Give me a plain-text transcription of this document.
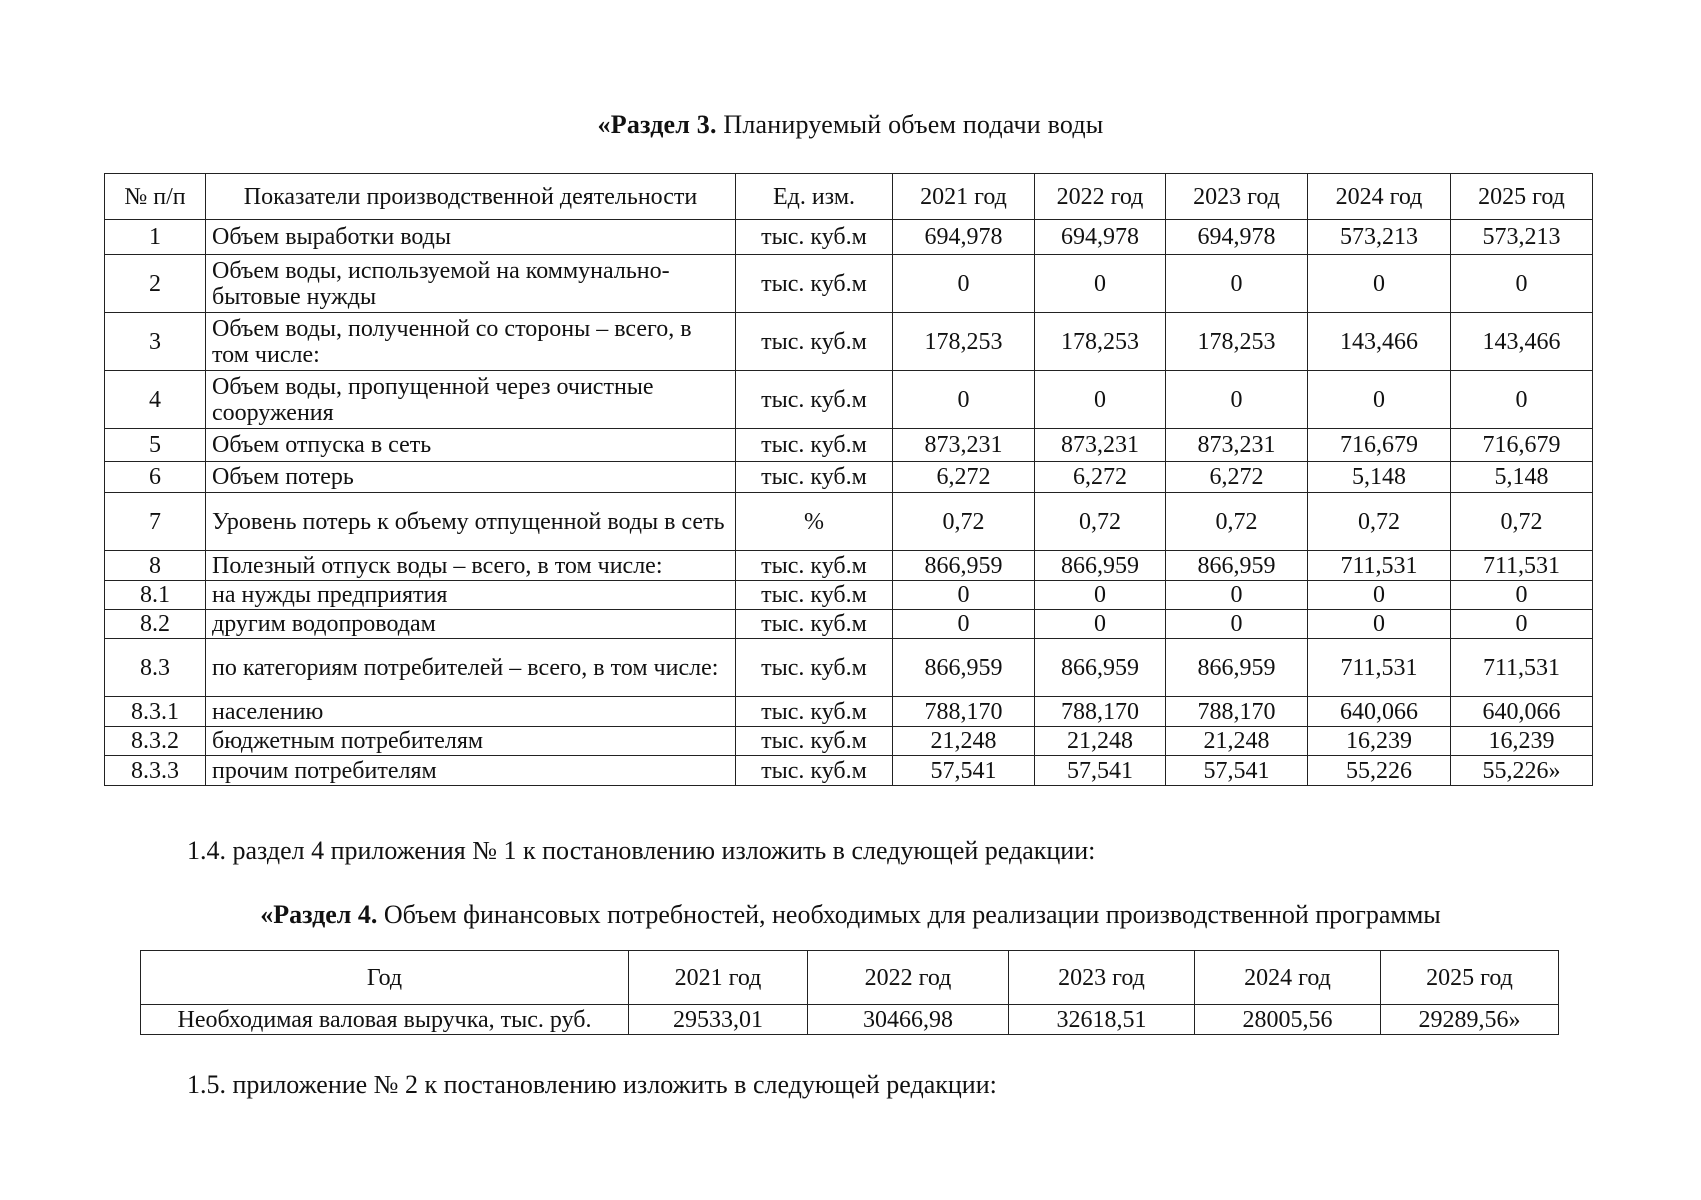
«Раздел 3. Планируемый объем подачи воды
№ п/п	Показатели производственной деятельности	Ед. изм.	2021 год	2022 год	2023 год	2024 год	2025 год
1	Объем выработки воды	тыс. куб.м	694,978	694,978	694,978	573,213	573,213
2	Объем воды, используемой на коммунально-бытовые нужды	тыс. куб.м	0	0	0	0	0
3	Объем воды, полученной со стороны – всего, в том числе:	тыс. куб.м	178,253	178,253	178,253	143,466	143,466
4	Объем воды, пропущенной через очистные сооружения	тыс. куб.м	0	0	0	0	0
5	Объем отпуска в сеть	тыс. куб.м	873,231	873,231	873,231	716,679	716,679
6	Объем потерь	тыс. куб.м	6,272	6,272	6,272	5,148	5,148
7	Уровень потерь к объему отпущенной воды в сеть	%	0,72	0,72	0,72	0,72	0,72
8	Полезный отпуск воды – всего, в том числе:	тыс. куб.м	866,959	866,959	866,959	711,531	711,531
8.1	на нужды предприятия	тыс. куб.м	0	0	0	0	0
8.2	другим водопроводам	тыс. куб.м	0	0	0	0	0
8.3	по категориям потребителей – всего, в том числе:	тыс. куб.м	866,959	866,959	866,959	711,531	711,531
8.3.1	населению	тыс. куб.м	788,170	788,170	788,170	640,066	640,066
8.3.2	бюджетным потребителям	тыс. куб.м	21,248	21,248	21,248	16,239	16,239
8.3.3	прочим потребителям	тыс. куб.м	57,541	57,541	57,541	55,226	55,226»
1.4. раздел 4 приложения № 1 к постановлению изложить в следующей редакции:
«Раздел 4. Объем финансовых потребностей, необходимых для реализации производственной программы
Год	2021 год	2022 год	2023 год	2024 год	2025 год
Необходимая валовая выручка, тыс. руб.	29533,01	30466,98	32618,51	28005,56	29289,56»
1.5. приложение № 2 к постановлению изложить в следующей редакции:
